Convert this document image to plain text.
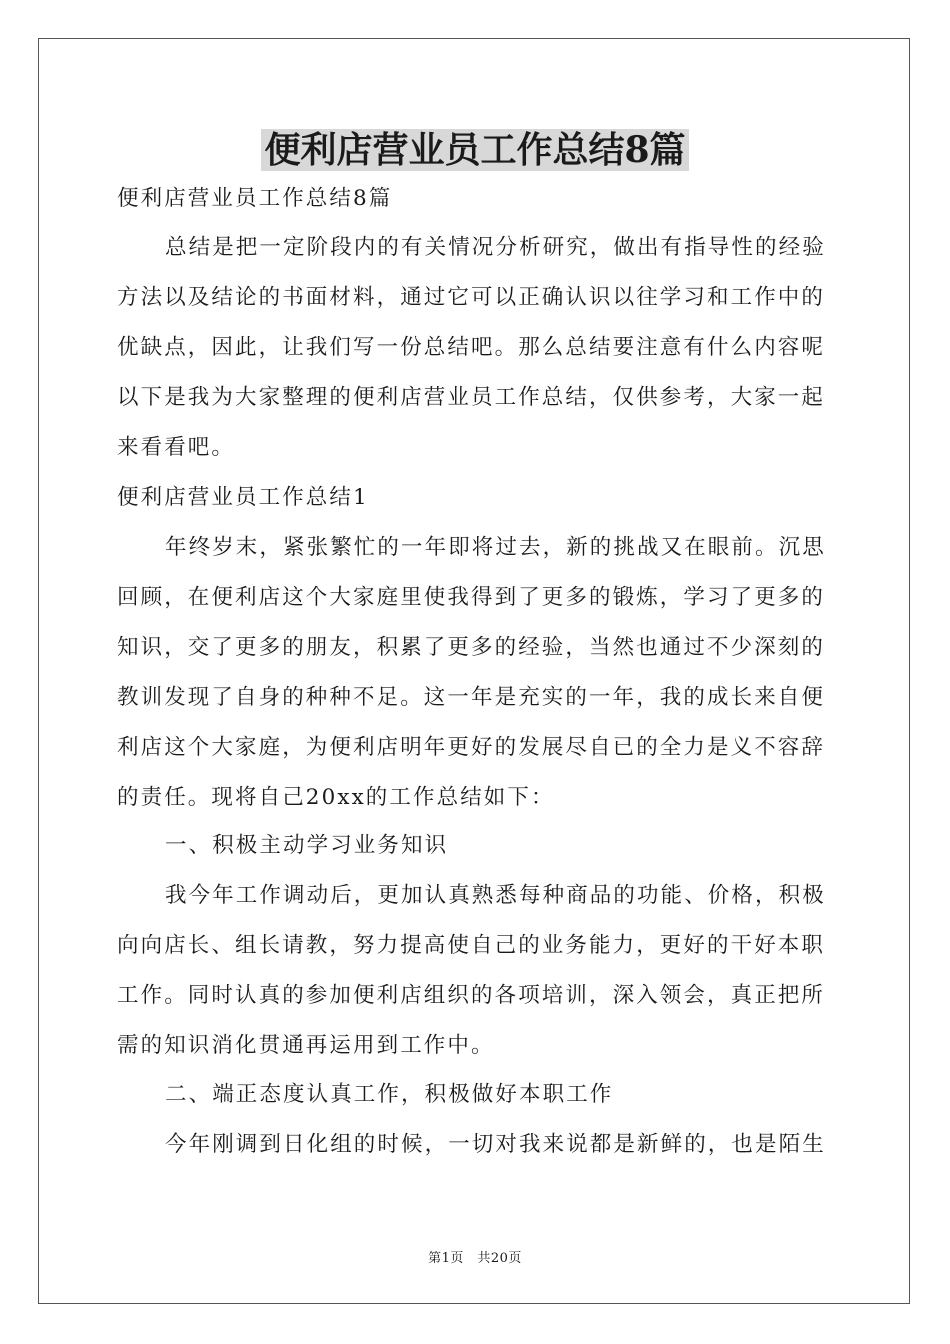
便利店营业员工作总结8篇
便利店营业员工作总结8篇
总结是把一定阶段内的有关情况分析研究，做出有指导性的经验
方法以及结论的书面材料，通过它可以正确认识以往学习和工作中的
优缺点，因此，让我们写一份总结吧。那么总结要注意有什么内容呢
以下是我为大家整理的便利店营业员工作总结，仅供参考，大家一起
来看看吧。
便利店营业员工作总结1
年终岁末，紧张繁忙的一年即将过去，新的挑战又在眼前。沉思
回顾，在便利店这个大家庭里使我得到了更多的锻炼，学习了更多的
知识，交了更多的朋友，积累了更多的经验，当然也通过不少深刻的
教训发现了自身的种种不足。这一年是充实的一年，我的成长来自便
利店这个大家庭，为便利店明年更好的发展尽自已的全力是义不容辞
的责任。现将自己20xx的工作总结如下：
一、积极主动学习业务知识
我今年工作调动后，更加认真熟悉每种商品的功能、价格，积极
向向店长、组长请教，努力提高使自己的业务能力，更好的干好本职
工作。同时认真的参加便利店组织的各项培训，深入领会，真正把所
需的知识消化贯通再运用到工作中。
二、端正态度认真工作，积极做好本职工作
今年刚调到日化组的时候，一切对我来说都是新鲜的，也是陌生
第1页　共20页
